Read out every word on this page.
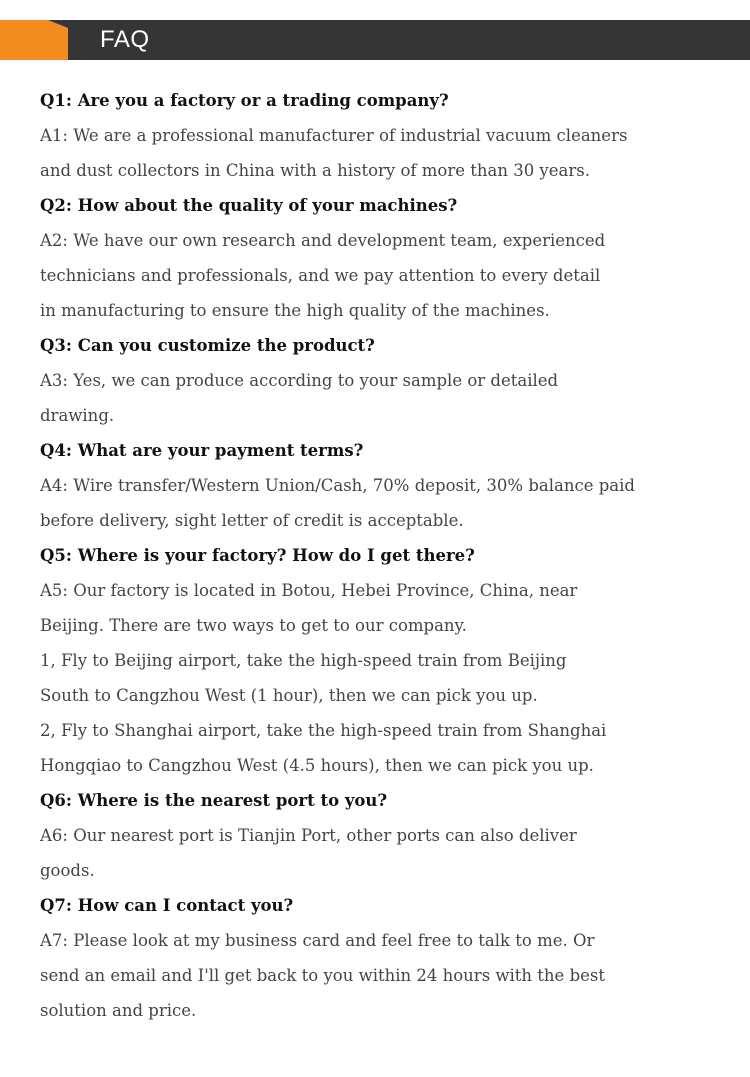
FAQ
Q1: Are you a factory or a trading company?
A1: We are a professional manufacturer of industrial vacuum cleaners
and dust collectors in China with a history of more than 30 years.
Q2: How about the quality of your machines?
A2: We have our own research and development team, experienced
technicians and professionals, and we pay attention to every detail
in manufacturing to ensure the high quality of the machines.
Q3: Can you customize the product?
A3: Yes, we can produce according to your sample or detailed
drawing.
Q4: What are your payment terms?
A4: Wire transfer/Western Union/Cash, 70% deposit, 30% balance paid
before delivery, sight letter of credit is acceptable.
Q5: Where is your factory? How do I get there?
A5: Our factory is located in Botou, Hebei Province, China, near
Beijing. There are two ways to get to our company.
1, Fly to Beijing airport, take the high-speed train from Beijing
South to Cangzhou West (1 hour), then we can pick you up.
2, Fly to Shanghai airport, take the high-speed train from Shanghai
Hongqiao to Cangzhou West (4.5 hours), then we can pick you up.
Q6: Where is the nearest port to you?
A6: Our nearest port is Tianjin Port, other ports can also deliver
goods.
Q7: How can I contact you?
A7: Please look at my business card and feel free to talk to me. Or
send an email and I'll get back to you within 24 hours with the best
solution and price.
